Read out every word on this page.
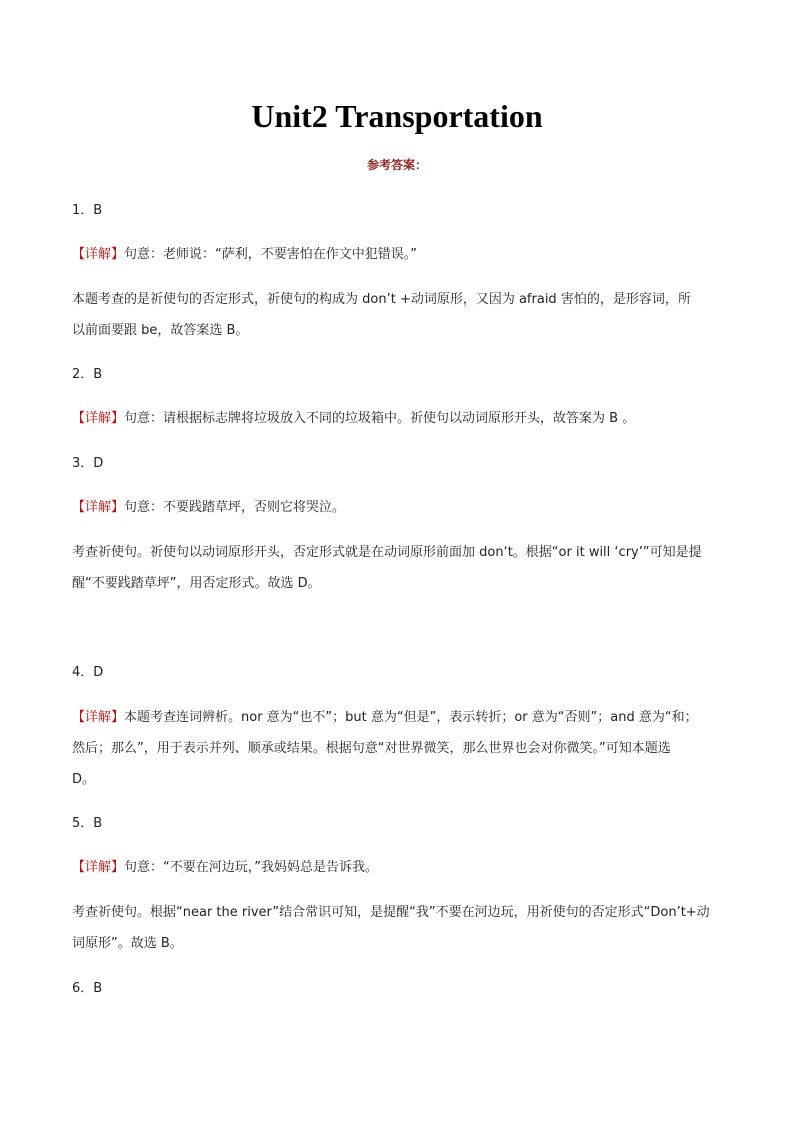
Unit2 Transportation
参考答案：
1．B
【详解】句意：老师说：“萨利，不要害怕在作文中犯错误。”
本题考查的是祈使句的否定形式，祈使句的构成为 don’t +动词原形，又因为 afraid 害怕的，是形容词，所
以前面要跟 be，故答案选 B。
2．B
【详解】句意：请根据标志牌将垃圾放入不同的垃圾箱中。祈使句以动词原形开头，故答案为 B 。
3．D
【详解】句意：不要践踏草坪，否则它将哭泣。
考查祈使句。祈使句以动词原形开头，否定形式就是在动词原形前面加 don‘t。根据“or it will ‘cry’”可知是提
醒“不要践踏草坪”，用否定形式。故选 D。
4．D
【详解】本题考查连词辨析。nor 意为“也不”；but 意为“但是”，表示转折；or 意为“否则”；and 意为“和；
然后；那么”，用于表示并列、顺承或结果。根据句意“对世界微笑，那么世界也会对你微笑。”可知本题选
D。
5．B
【详解】句意：“不要在河边玩，”我妈妈总是告诉我。
考查祈使句。根据“near the river”结合常识可知，是提醒“我”不要在河边玩，用祈使句的否定形式“Don’t+动
词原形”。故选 B。
6．B
